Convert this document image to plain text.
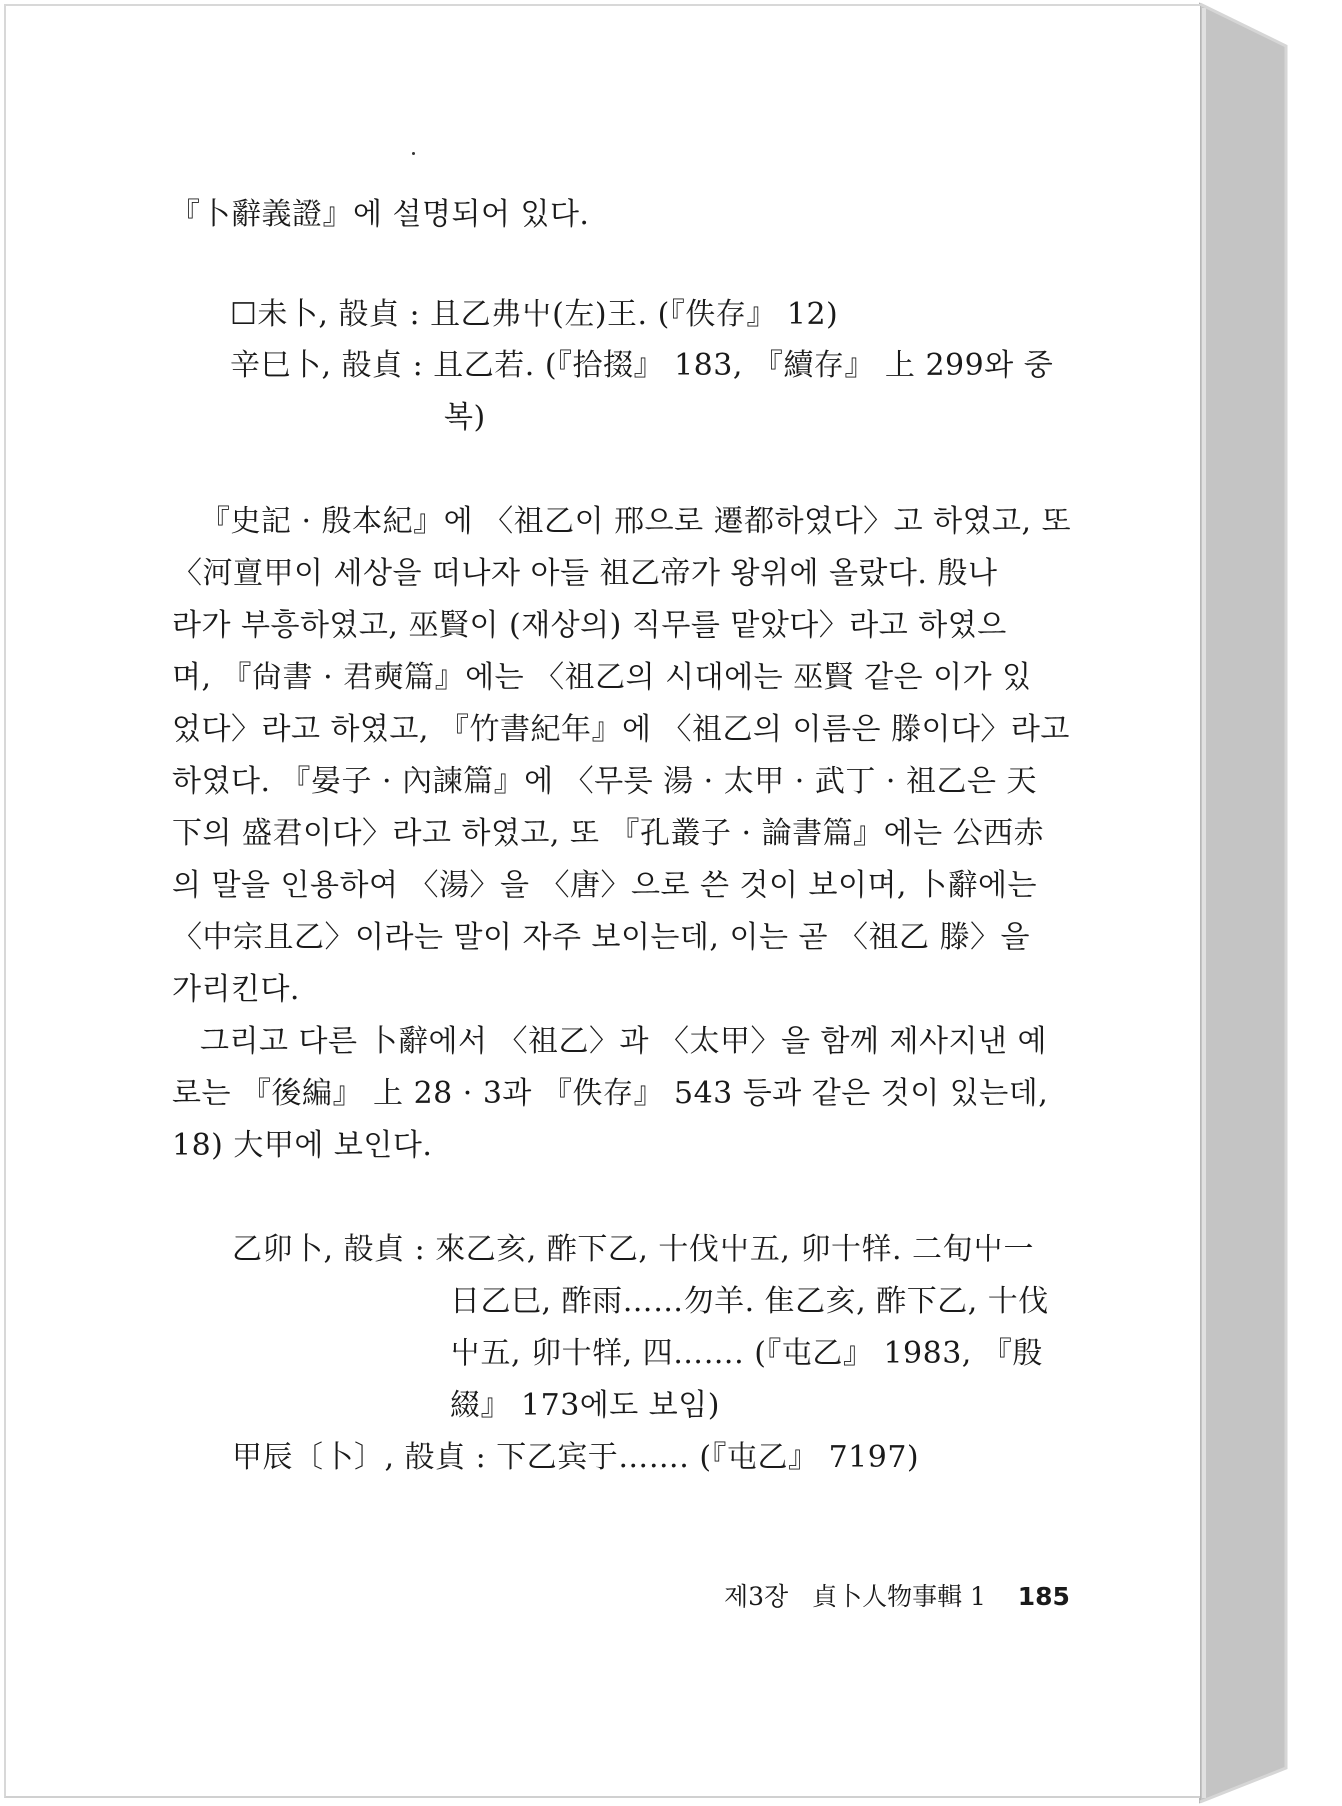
『卜辭義證』에 설명되어 있다.
☐未卜, 㱿貞 : 且乙弗屮(左)王. (『佚存』 12)
辛巳卜, 㱿貞 : 且乙若. (『拾掇』 183, 『續存』 上 299와 중
복)
『史記 · 殷本紀』에 〈祖乙이 邢으로 遷都하였다〉고 하였고, 또
〈河亶甲이 세상을 떠나자 아들 祖乙帝가 왕위에 올랐다. 殷나
라가 부흥하였고, 巫賢이 (재상의) 직무를 맡았다〉라고 하였으
며, 『尙書 · 君奭篇』에는 〈祖乙의 시대에는 巫賢 같은 이가 있
었다〉라고 하였고, 『竹書紀年』에 〈祖乙의 이름은 滕이다〉라고
하였다. 『晏子 · 內諫篇』에 〈무릇 湯 · 太甲 · 武丁 · 祖乙은 天
下의 盛君이다〉라고 하였고, 또 『孔叢子 · 論書篇』에는 公西赤
의 말을 인용하여 〈湯〉을 〈唐〉으로 쓴 것이 보이며, 卜辭에는
〈中宗且乙〉이라는 말이 자주 보이는데, 이는 곧 〈祖乙 滕〉을
가리킨다.
그리고 다른 卜辭에서 〈祖乙〉과 〈太甲〉을 함께 제사지낸 예
로는 『後編』 上 28 · 3과 『佚存』 543 등과 같은 것이 있는데,
18) 大甲에 보인다.
乙卯卜, 㱿貞 : 來乙亥, 酢下乙, 十伐屮五, 卯十䍧. 二旬屮一
日乙巳, 酢雨……勿羊. 隹乙亥, 酢下乙, 十伐
屮五, 卯十䍧, 四……. (『屯乙』 1983, 『殷
綴』 173에도 보임)
甲辰〔卜〕, 㱿貞 : 下乙宾于……. (『屯乙』 7197)
제3장 貞卜人物事輯 1 185
